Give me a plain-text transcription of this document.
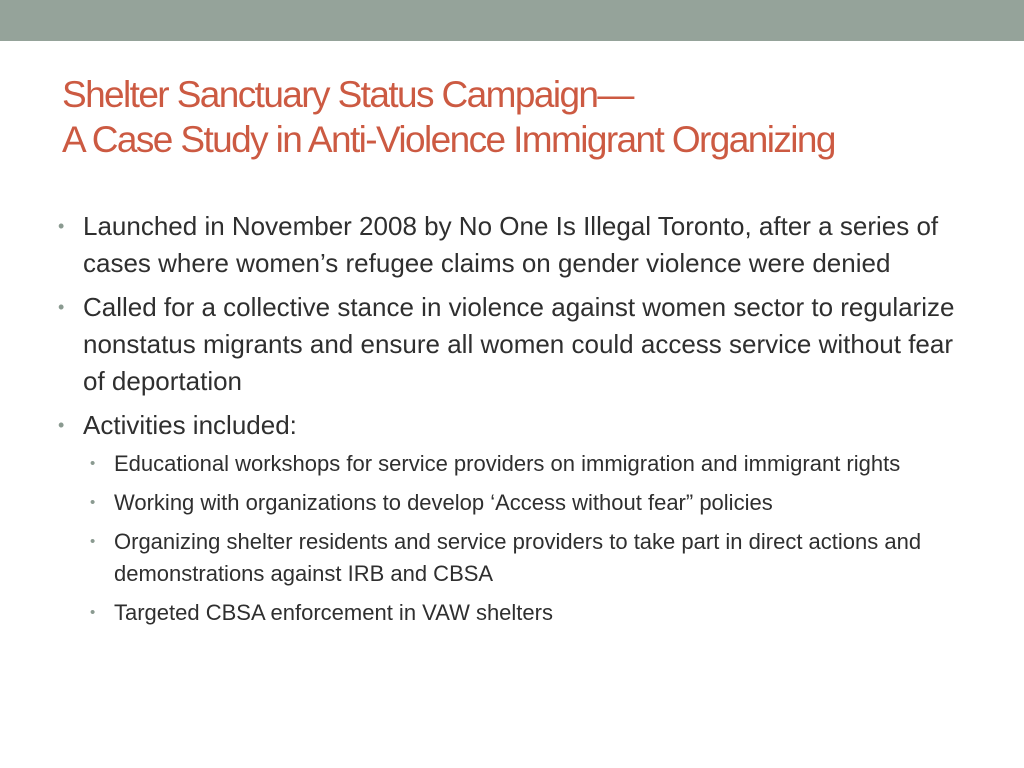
Shelter Sanctuary Status Campaign—
A Case Study in Anti-Violence Immigrant Organizing
• Launched in November 2008 by No One Is Illegal Toronto, after a series of cases where women’s refugee claims on gender violence were denied
• Called for a collective stance in violence against women sector to regularize nonstatus migrants and ensure all women could access service without fear of deportation
• Activities included:
• Educational workshops for service providers on immigration and immigrant rights
• Working with organizations to develop ‘Access without fear” policies
• Organizing shelter residents and service providers to take part in direct actions and demonstrations against IRB and CBSA
• Targeted CBSA enforcement in VAW shelters
